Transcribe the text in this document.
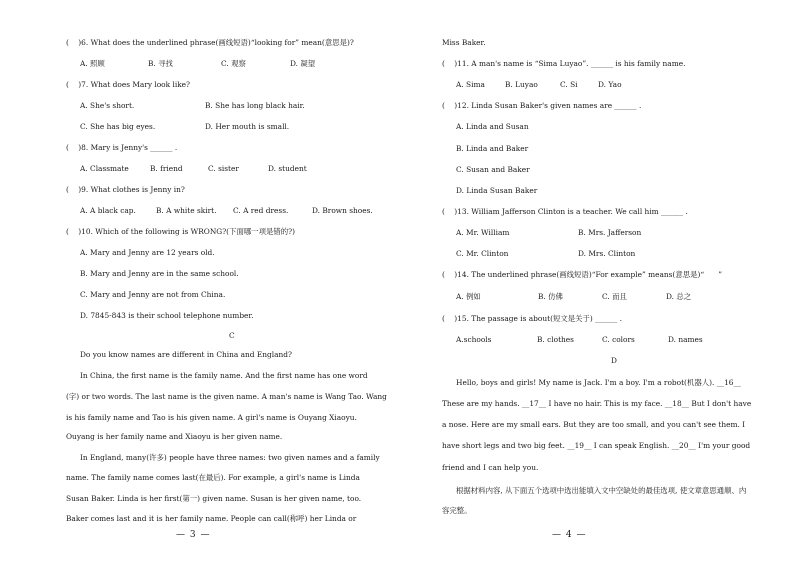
(    )6. What does the underlined phrase(画线短语)“looking for” mean(意思是)?
A. 照顾	B. 寻找	C. 观察	D. 凝望
(    )7. What does Mary look like?
A. She's short.	B. She has long black hair.
C. She has big eyes.	D. Her mouth is small.
(    )8. Mary is Jenny's ______ .
A. Classmate	B. friend	C. sister	D. student
(    )9. What clothes is Jenny in?
A. A black cap.	B. A white skirt. C. A red dress.	D. Brown shoes.
(    )10. Which of the following is WRONG?(下面哪一项是错的?)
A. Mary and Jenny are 12 years old.
B. Mary and Jenny are in the same school.
C. Mary and Jenny are not from China.
D. 7845-843 is their school telephone number.
C
Do you know names are different in China and England?
In China, the first name is the family name. And the first name has one word
(字) or two words. The last name is the given name. A man's name is Wang Tao. Wang
is his family name and Tao is his given name. A girl's name is Ouyang Xiaoyu.
Ouyang is her family name and Xiaoyu is her given name.
In England, many(许多) people have three names: two given names and a family
name. The family name comes last(在最后). For example, a girl's name is Linda
Susan Baker. Linda is her first(第一) given name. Susan is her given name, too.
Baker comes last and it is her family name. People can call(称呼) her Linda or
— 3 —
Miss Baker.
(    )11. A man's name is “Sima Luyao”. ______ is his family name.
A. Sima	B. Luyao	C. Si	D. Yao
(    )12. Linda Susan Baker's given names are ______ .
A. Linda and Susan
B. Linda and Baker
C. Susan and Baker
D. Linda Susan Baker
(    )13. William Jafferson Clinton is a teacher. We call him ______ .
A. Mr. William	B. Mrs. Jafferson
C. Mr. Clinton	D. Mrs. Clinton
(    )14. The underlined phrase(画线短语)“For example” means(意思是)“      ”
A. 例如	B. 仿佛	C. 而且	D. 总之
(    )15. The passage is about(短文是关于) ______ .
A.schools	B. clothes	C. colors	D. names
D
Hello, boys and girls! My name is Jack. I'm a boy. I'm a robot(机器人). __16__
These are my hands. __17__ I have no hair. This is my face. __18__ But I don't have
a nose. Here are my small ears. But they are too small, and you can't see them. I
have short legs and two big feet. __19__ I can speak English. __20__ I'm your good
friend and I can help you.
根据材料内容, 从下面五个选项中选出能填入文中空缺处的最佳选项, 使文章意思通顺、内
容完整。
— 4 —
